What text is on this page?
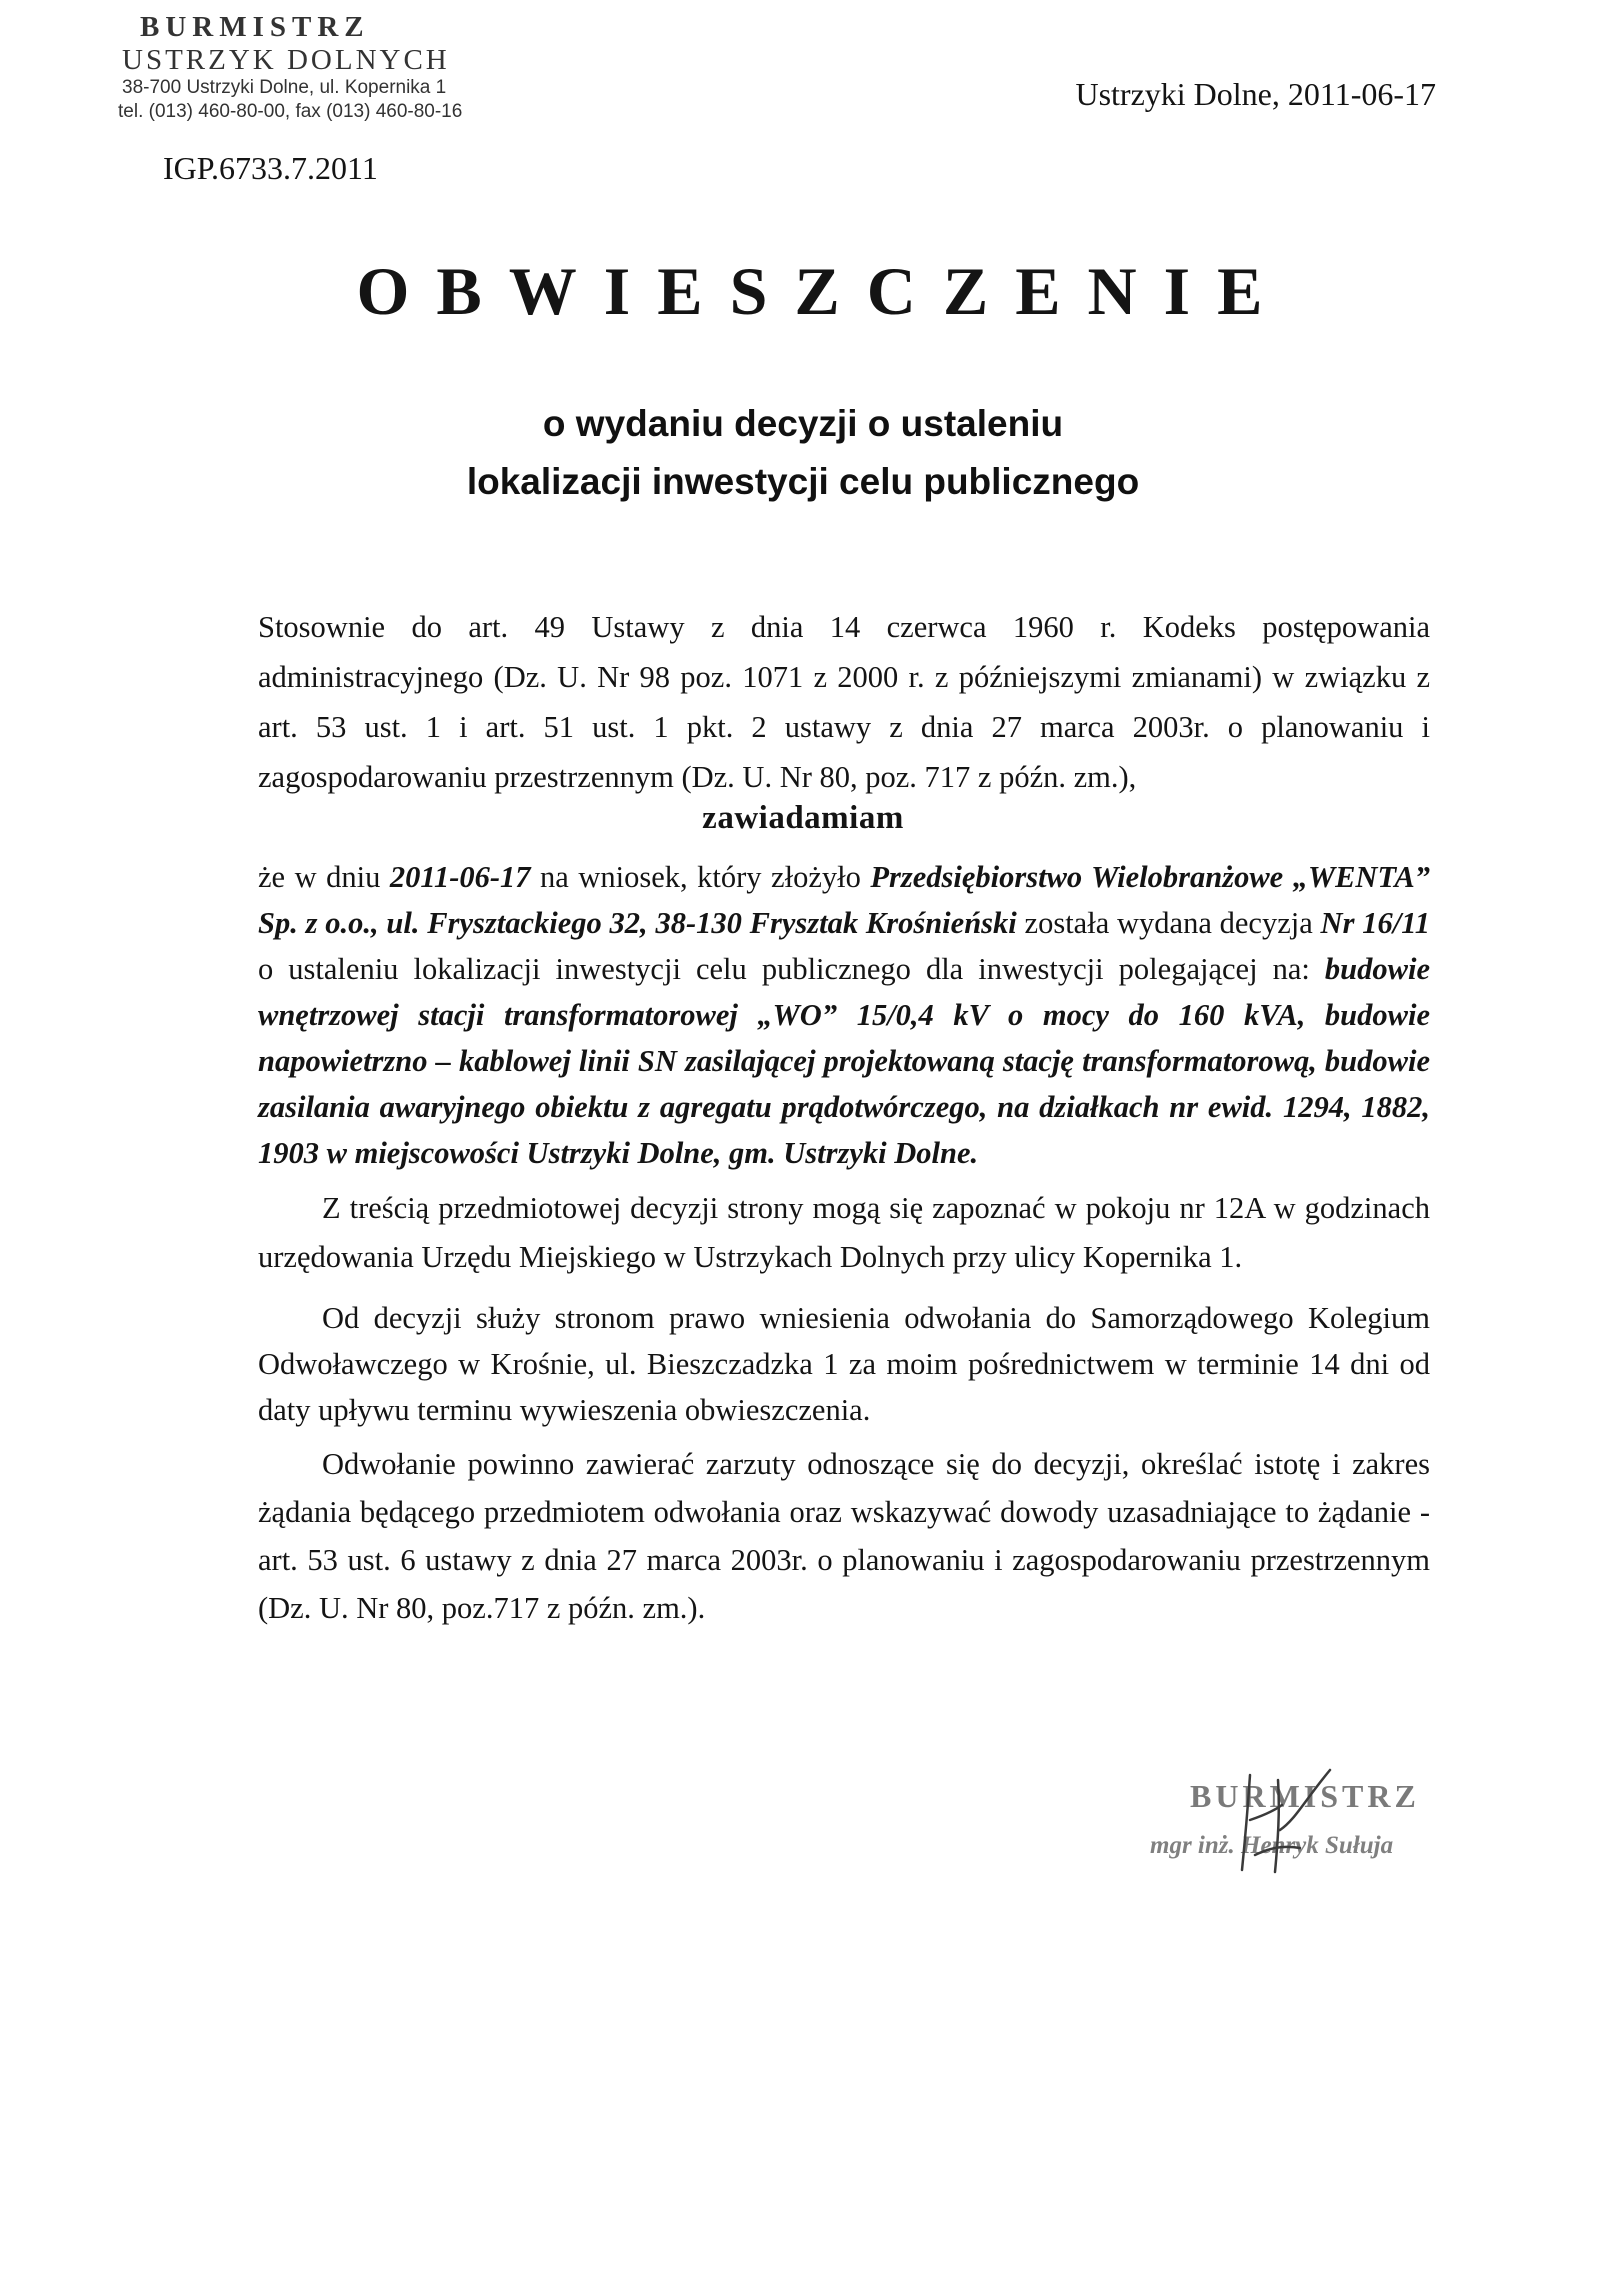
BURMISTRZ
USTRZYK DOLNYCH
38-700 Ustrzyki Dolne, ul. Kopernika 1
tel. (013) 460-80-00, fax (013) 460-80-16	Ustrzyki Dolne, 2011-06-17
IGP.6733.7.2011
OBWIESZCZENIE
o wydaniu decyzji o ustaleniu
lokalizacji inwestycji celu publicznego
Stosownie do art. 49 Ustawy z dnia 14 czerwca 1960 r. Kodeks postępowania administracyjnego (Dz. U. Nr 98 poz. 1071 z 2000 r. z późniejszymi zmianami) w związku z art. 53 ust. 1 i art. 51 ust. 1 pkt. 2 ustawy z dnia 27 marca 2003r. o planowaniu i zagospodarowaniu przestrzennym (Dz. U. Nr 80, poz. 717 z późn. zm.),
zawiadamiam
że w dniu 2011-06-17 na wniosek, który złożyło Przedsiębiorstwo Wielobranżowe „WENTA” Sp. z o.o., ul. Frysztackiego 32, 38-130 Frysztak Krośnieński została wydana decyzja Nr 16/11 o ustaleniu lokalizacji inwestycji celu publicznego dla inwestycji polegającej na: budowie wnętrzowej stacji transformatorowej „WO” 15/0,4 kV o mocy do 160 kVA, budowie napowietrzno – kablowej linii SN zasilającej projektowaną stację transformatorową, budowie zasilania awaryjnego obiektu z agregatu prądotwórczego, na działkach nr ewid. 1294, 1882, 1903 w miejscowości Ustrzyki Dolne, gm. Ustrzyki Dolne.
Z treścią przedmiotowej decyzji strony mogą się zapoznać w pokoju nr 12A w godzinach urzędowania Urzędu Miejskiego w Ustrzykach Dolnych przy ulicy Kopernika 1.
Od decyzji służy stronom prawo wniesienia odwołania do Samorządowego Kolegium Odwoławczego w Krośnie, ul. Bieszczadzka 1 za moim pośrednictwem w terminie 14 dni od daty upływu terminu wywieszenia obwieszczenia.
Odwołanie powinno zawierać zarzuty odnoszące się do decyzji, określać istotę i zakres żądania będącego przedmiotem odwołania oraz wskazywać dowody uzasadniające to żądanie - art. 53 ust. 6 ustawy z dnia 27 marca 2003r. o planowaniu i zagospodarowaniu przestrzennym (Dz. U. Nr 80, poz.717 z późn. zm.).
BURMISTRZ
mgr inż. Henryk Sułuja
